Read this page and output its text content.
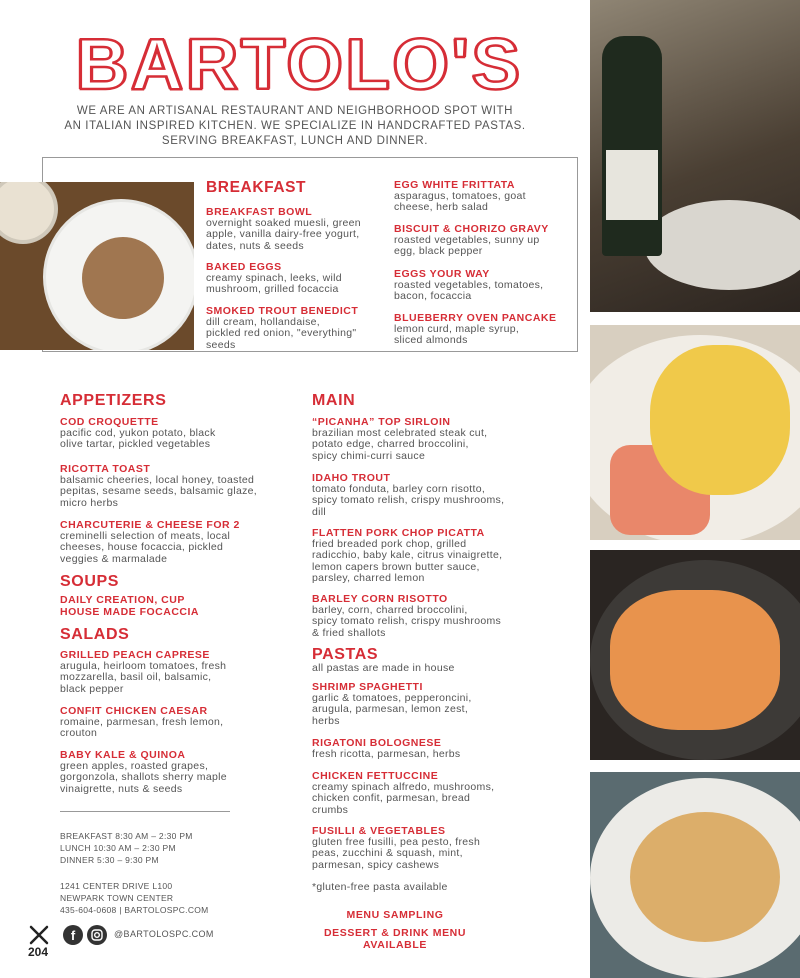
BARTOLO'S
WE ARE AN ARTISANAL RESTAURANT AND NEIGHBORHOOD SPOT WITH
AN ITALIAN INSPIRED KITCHEN. WE SPECIALIZE IN HANDCRAFTED PASTAS.
SERVING BREAKFAST, LUNCH AND DINNER.
BREAKFAST
BREAKFAST BOWL
overnight soaked muesli, green
apple, vanilla dairy-free yogurt,
dates, nuts & seeds
BAKED EGGS
creamy spinach, leeks, wild
mushroom, grilled focaccia
SMOKED TROUT BENEDICT
dill cream, hollandaise,
pickled red onion, "everything"
seeds
EGG WHITE FRITTATA
asparagus, tomatoes, goat
cheese, herb salad
BISCUIT & CHORIZO GRAVY
roasted vegetables, sunny up
egg, black pepper
EGGS YOUR WAY
roasted vegetables, tomatoes,
bacon, focaccia
BLUEBERRY OVEN PANCAKE
lemon curd, maple syrup,
sliced almonds
APPETIZERS
COD CROQUETTE
pacific cod, yukon potato, black
olive tartar, pickled vegetables
RICOTTA TOAST
balsamic cheeries, local honey, toasted
pepitas, sesame seeds, balsamic glaze,
micro herbs
CHARCUTERIE & CHEESE FOR 2
creminelli selection of meats, local
cheeses, house focaccia, pickled
veggies & marmalade
SOUPS
DAILY CREATION, CUP
HOUSE MADE FOCACCIA
SALADS
GRILLED PEACH CAPRESE
arugula, heirloom tomatoes, fresh
mozzarella, basil oil, balsamic,
black pepper
CONFIT CHICKEN CAESAR
romaine, parmesan, fresh lemon,
crouton
BABY KALE & QUINOA
green apples, roasted grapes,
gorgonzola, shallots sherry maple
vinaigrette, nuts & seeds
BREAKFAST 8:30 AM – 2:30 PM
LUNCH 10:30 AM – 2:30 PM
DINNER 5:30 – 9:30 PM
1241 CENTER DRIVE L100
NEWPARK TOWN CENTER
435-604-0608 | BARTOLOSPC.COM
204
f	@BARTOLOSPC.COM
MAIN
“PICANHA” TOP SIRLOIN
brazilian most celebrated steak cut,
potato edge, charred broccolini,
spicy chimi-curri sauce
IDAHO TROUT
tomato fonduta, barley corn risotto,
spicy tomato relish, crispy mushrooms,
dill
FLATTEN PORK CHOP PICATTA
fried breaded pork chop, grilled
radicchio, baby kale, citrus vinaigrette,
lemon capers brown butter sauce,
parsley, charred lemon
BARLEY CORN RISOTTO
barley, corn, charred broccolini,
spicy tomato relish, crispy mushrooms
& fried shallots
PASTAS
all pastas are made in house
SHRIMP SPAGHETTI
garlic & tomatoes, pepperoncini,
arugula, parmesan, lemon zest,
herbs
RIGATONI BOLOGNESE
fresh ricotta, parmesan, herbs
CHICKEN FETTUCCINE
creamy spinach alfredo, mushrooms,
chicken confit, parmesan, bread
crumbs
FUSILLI & VEGETABLES
gluten free fusilli, pea pesto, fresh
peas, zucchini & squash, mint,
parmesan, spicy cashews
*gluten-free pasta available
MENU SAMPLING
DESSERT & DRINK MENU AVAILABLE
